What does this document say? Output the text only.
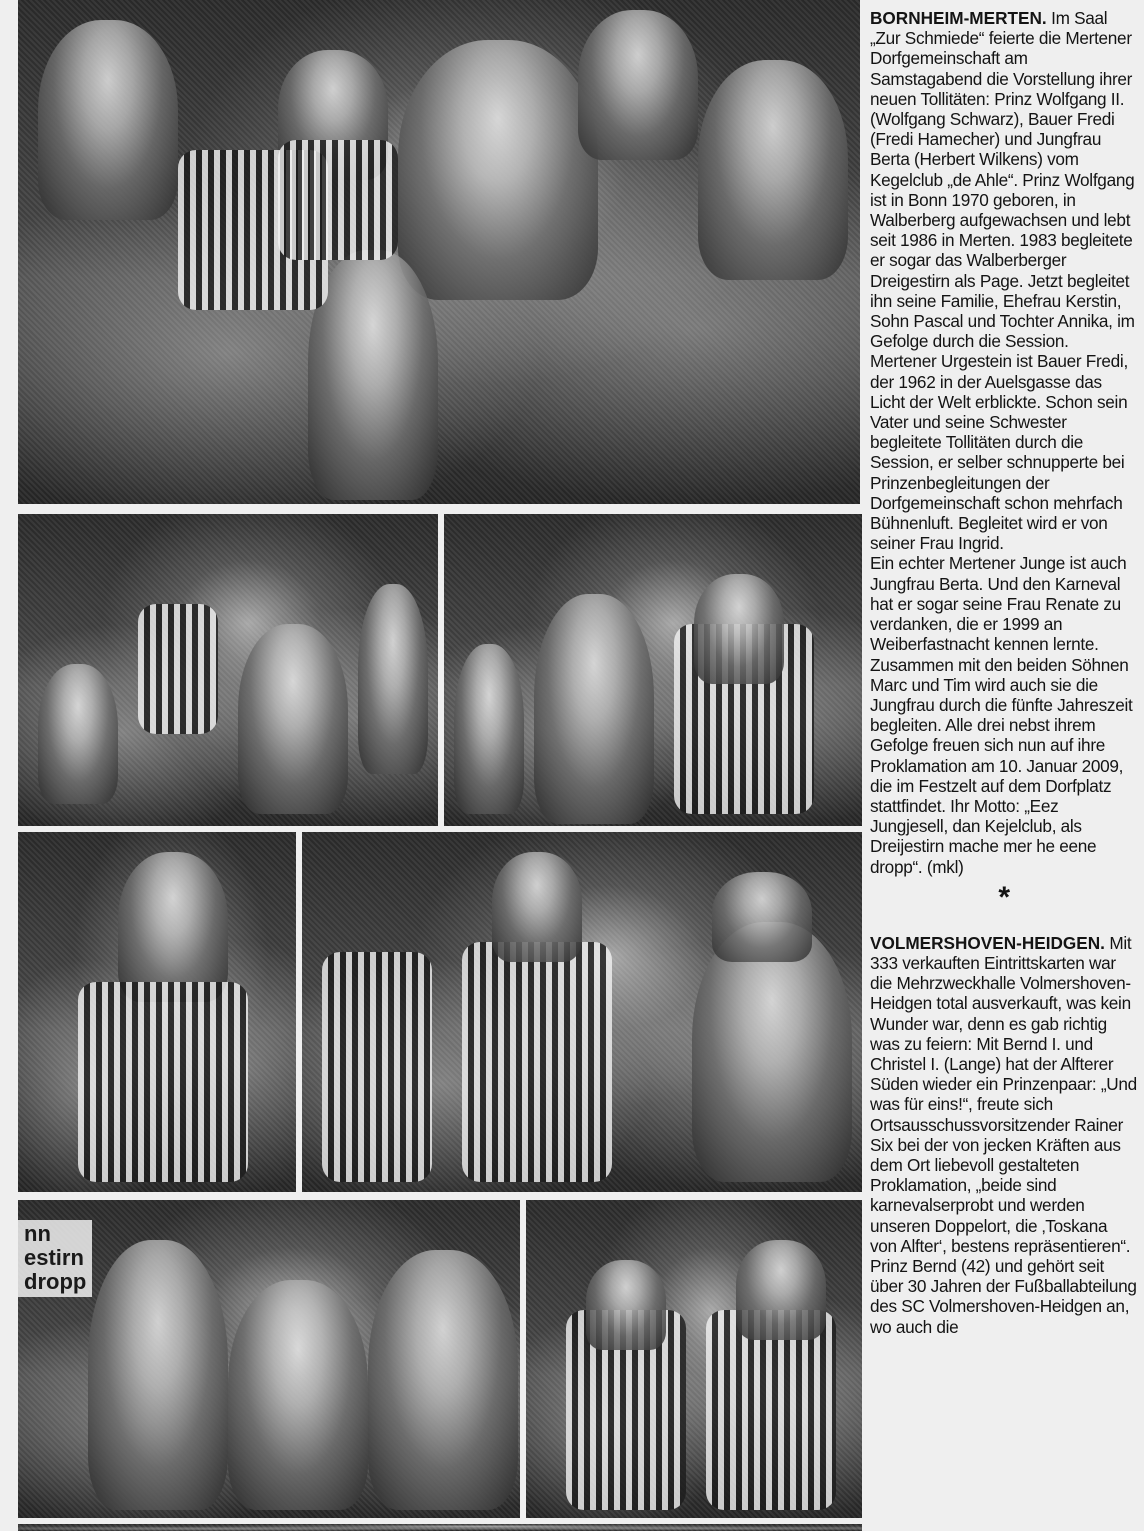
nn
estirn
dropp

BORNHEIM-MERTEN. Im Saal „Zur Schmiede“ feierte die Mertener Dorfgemeinschaft am Samstagabend die Vorstellung ihrer neuen Tollitäten: Prinz Wolfgang II. (Wolfgang Schwarz), Bauer Fredi (Fredi Hamecher) und Jungfrau Berta (Herbert Wilkens) vom Kegelclub „de Ahle“. Prinz Wolfgang ist in Bonn 1970 geboren, in Walberberg aufgewachsen und lebt seit 1986 in Merten. 1983 begleitete er sogar das Walberberger Dreigestirn als Page. Jetzt begleitet ihn seine Familie, Ehefrau Kerstin, Sohn Pascal und Tochter Annika, im Gefolge durch die Session. Mertener Urgestein ist Bauer Fredi, der 1962 in der Auelsgasse das Licht der Welt erblickte. Schon sein Vater und seine Schwester begleitete Tollitäten durch die Session, er selber schnupperte bei Prinzenbegleitungen der Dorfgemeinschaft schon mehrfach Bühnenluft. Begleitet wird er von seiner Frau Ingrid.

Ein echter Mertener Junge ist auch Jungfrau Berta. Und den Karneval hat er sogar seine Frau Renate zu verdanken, die er 1999 an Weiberfastnacht kennen lernte. Zusammen mit den beiden Söhnen Marc und Tim wird auch sie die Jungfrau durch die fünfte Jahreszeit begleiten. Alle drei nebst ihrem Gefolge freuen sich nun auf ihre Proklamation am 10. Januar 2009, die im Festzelt auf dem Dorfplatz stattfindet. Ihr Motto: „Eez Jungjesell, dan Kejelclub, als Dreijestirn mache mer he eene dropp“. (mkl)

*

VOLMERSHOVEN-HEIDGEN. Mit 333 verkauften Eintrittskarten war die Mehrzweckhalle Volmershoven-Heidgen total ausverkauft, was kein Wunder war, denn es gab richtig was zu feiern: Mit Bernd I. und Christel I. (Lange) hat der Alfterer Süden wieder ein Prinzenpaar: „Und was für eins!“, freute sich Ortsausschussvorsitzender Rainer Six bei der von jecken Kräften aus dem Ort liebevoll gestalteten Proklamation, „beide sind karnevalserprobt und werden unseren Doppelort, die ‚Toskana von Alfter‘, bestens repräsentieren“.

Prinz Bernd (42) und gehört seit über 30 Jahren der Fußballabteilung des SC Volmershoven-Heidgen an, wo auch die
